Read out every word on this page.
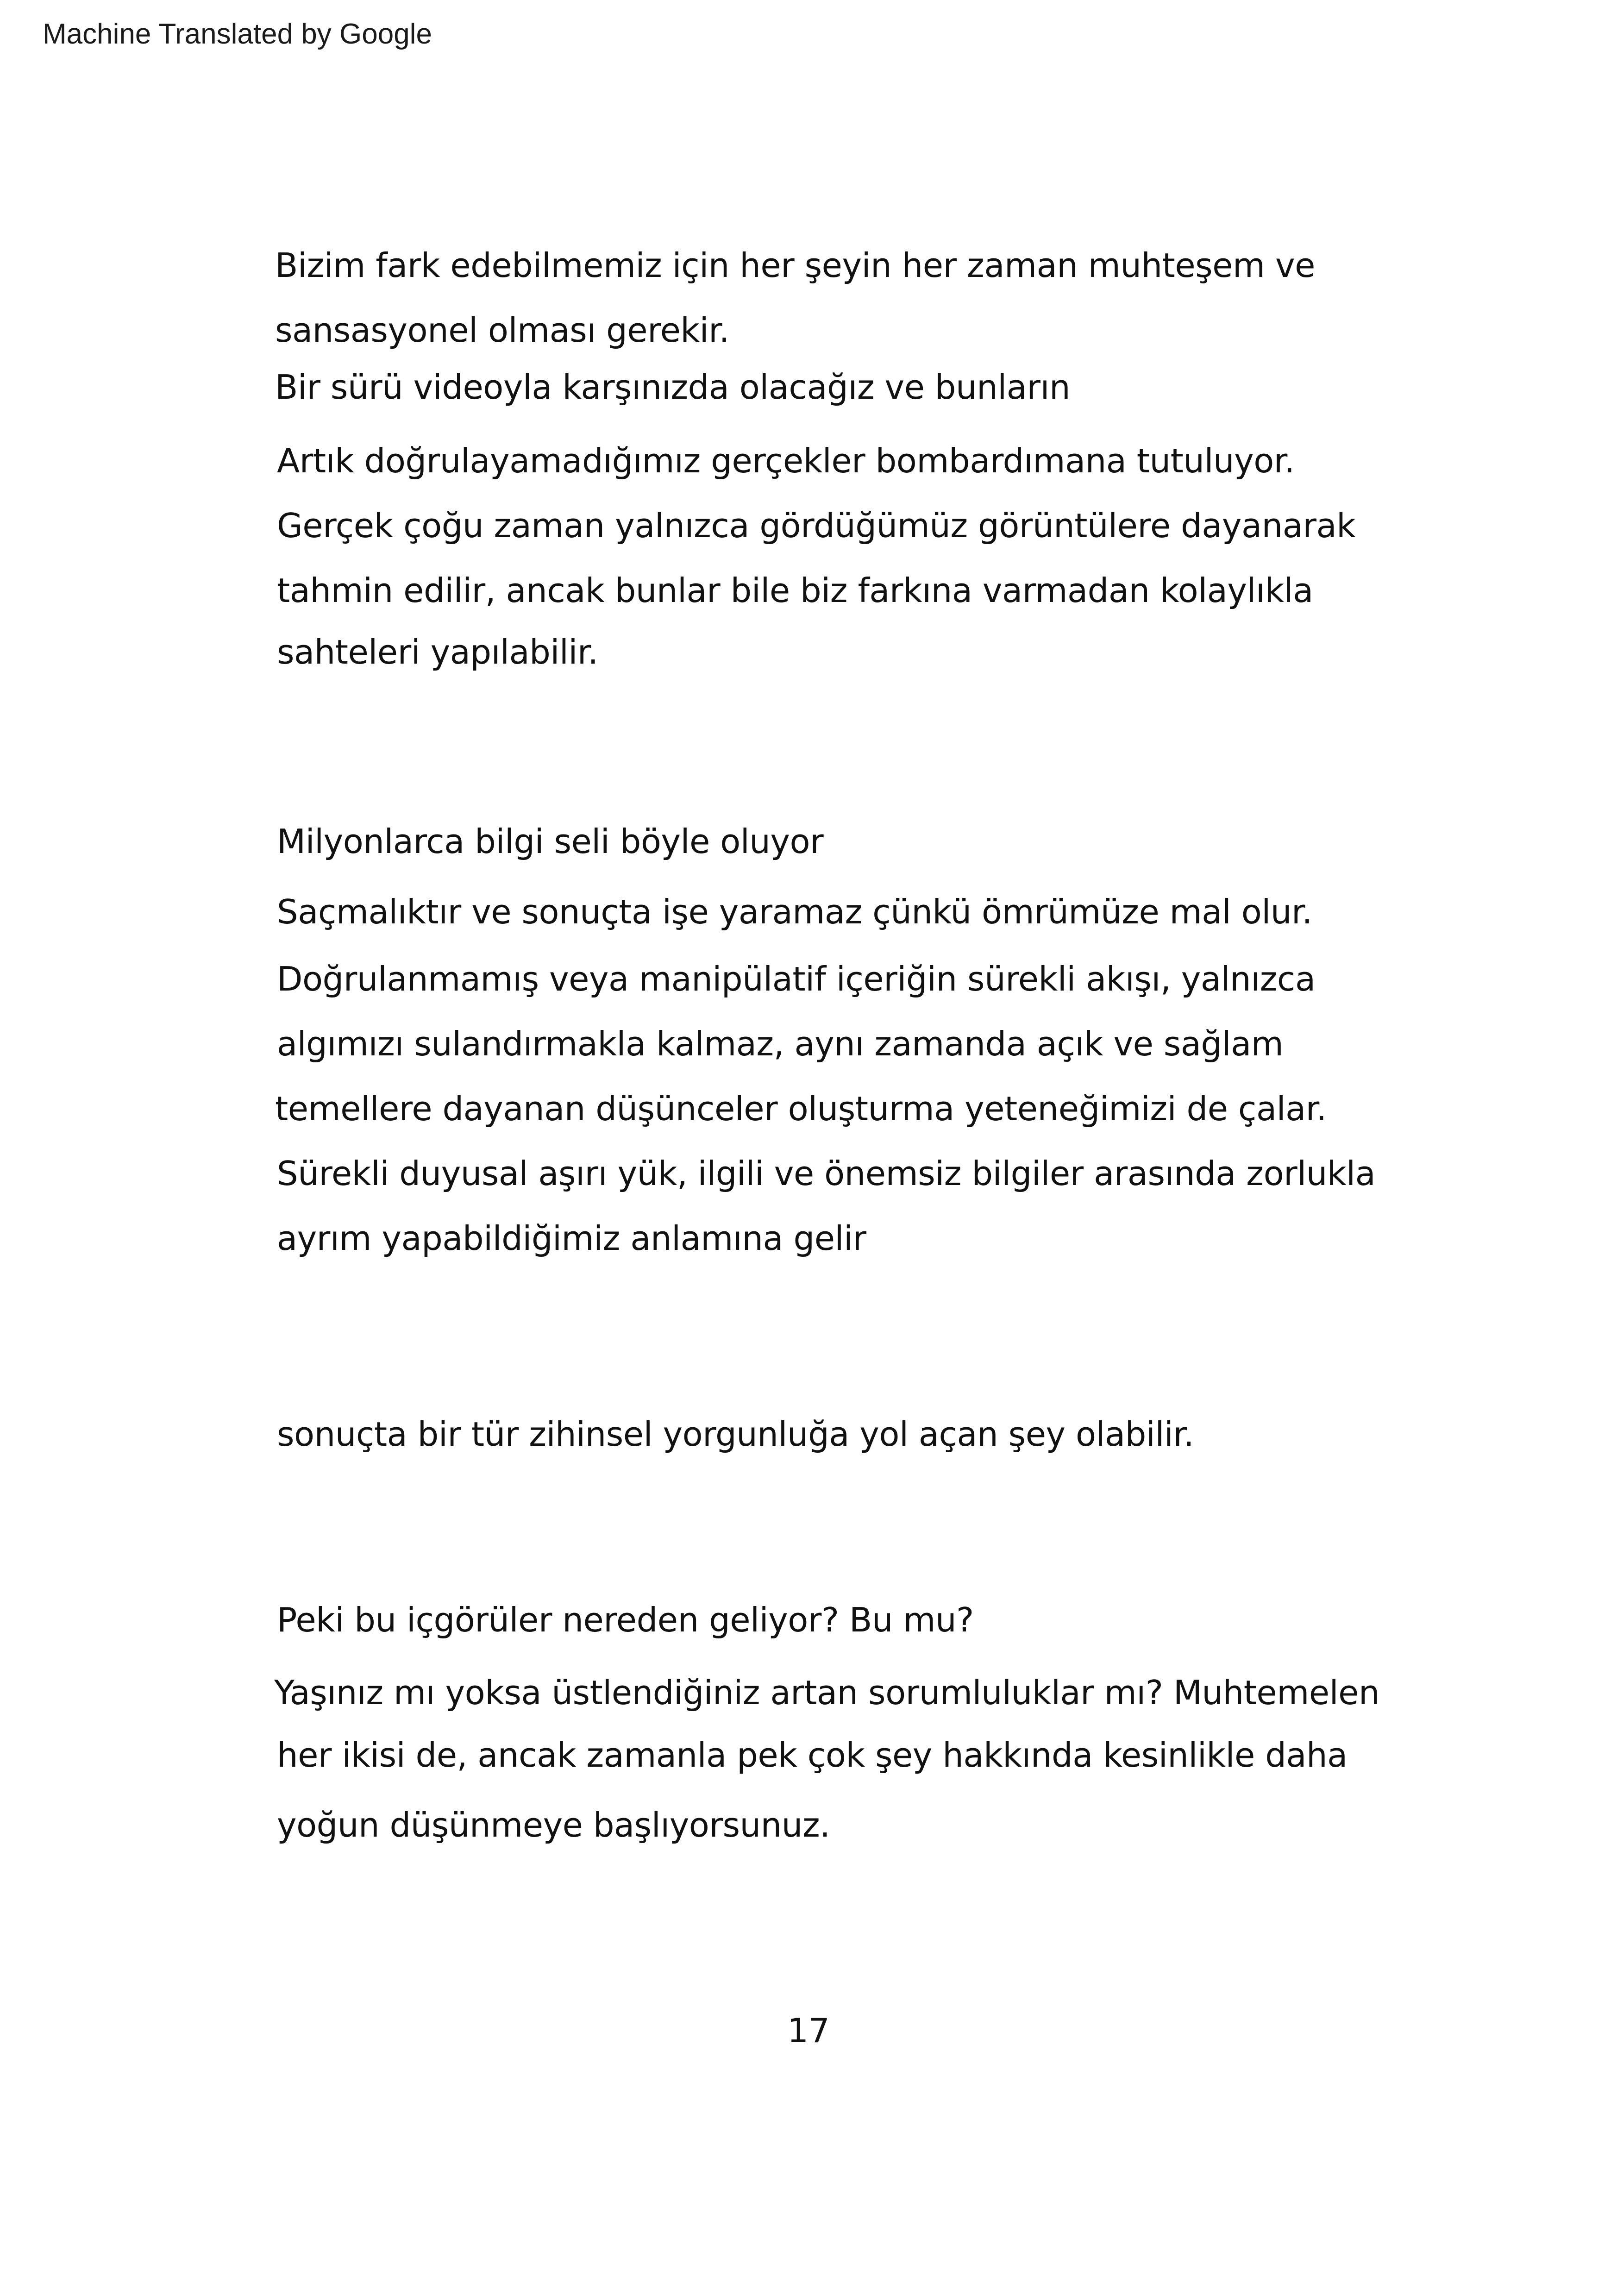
Machine Translated by Google
Bizim fark edebilmemiz için her şeyin her zaman muhteşem ve
sansasyonel olması gerekir.
Bir sürü videoyla karşınızda olacağız ve bunların
Artık doğrulayamadığımız gerçekler bombardımana tutuluyor.
Gerçek çoğu zaman yalnızca gördüğümüz görüntülere dayanarak
tahmin edilir, ancak bunlar bile biz farkına varmadan kolaylıkla
sahteleri yapılabilir.
Milyonlarca bilgi seli böyle oluyor
Saçmalıktır ve sonuçta işe yaramaz çünkü ömrümüze mal olur.
Doğrulanmamış veya manipülatif içeriğin sürekli akışı, yalnızca
algımızı sulandırmakla kalmaz, aynı zamanda açık ve sağlam
temellere dayanan düşünceler oluşturma yeteneğimizi de çalar.
Sürekli duyusal aşırı yük, ilgili ve önemsiz bilgiler arasında zorlukla
ayrım yapabildiğimiz anlamına gelir
sonuçta bir tür zihinsel yorgunluğa yol açan şey olabilir.
Peki bu içgörüler nereden geliyor? Bu mu?
Yaşınız mı yoksa üstlendiğiniz artan sorumluluklar mı? Muhtemelen
her ikisi de, ancak zamanla pek çok şey hakkında kesinlikle daha
yoğun düşünmeye başlıyorsunuz.
17
